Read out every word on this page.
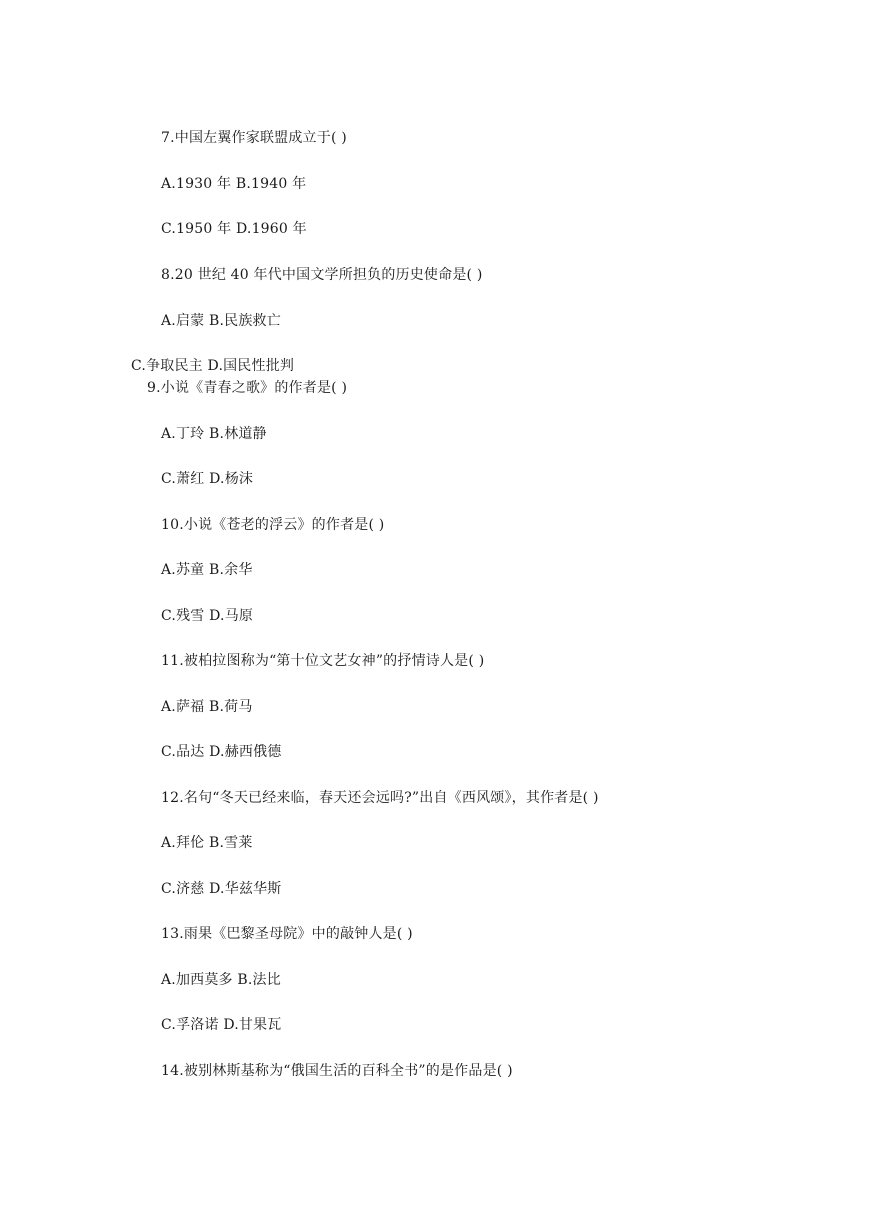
7.中国左翼作家联盟成立于( )
A.1930 年 B.1940 年
C.1950 年 D.1960 年
8.20 世纪 40 年代中国文学所担负的历史使命是( )
A.启蒙 B.民族救亡
C.争取民主 D.国民性批判
9.小说《青春之歌》的作者是( )
A.丁玲 B.林道静
C.萧红 D.杨沫
10.小说《苍老的浮云》的作者是( )
A.苏童 B.余华
C.残雪 D.马原
11.被柏拉图称为“第十位文艺女神”的抒情诗人是( )
A.萨福 B.荷马
C.品达 D.赫西俄德
12.名句“冬天已经来临，春天还会远吗?”出自《西风颂》，其作者是( )
A.拜伦 B.雪莱
C.济慈 D.华兹华斯
13.雨果《巴黎圣母院》中的敲钟人是( )
A.加西莫多 B.法比
C.孚洛诺 D.甘果瓦
14.被别林斯基称为“俄国生活的百科全书”的是作品是( )
